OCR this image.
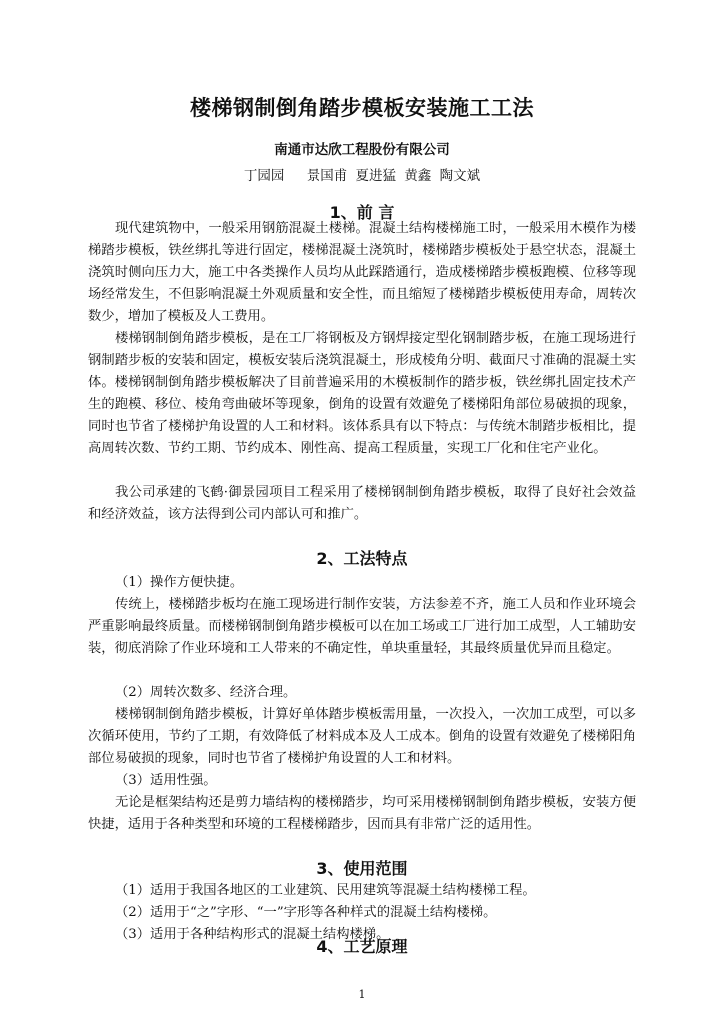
楼梯钢制倒角踏步模板安装施工工法
南通市达欣工程股份有限公司
丁园园 景国甫 夏进猛 黄鑫 陶文斌
1、前 言

现代建筑物中，一般采用钢筋混凝土楼梯。混凝土结构楼梯施工时，一般采用木模作为楼梯踏步模板，铁丝绑扎等进行固定，楼梯混凝土浇筑时，楼梯踏步模板处于悬空状态，混凝土浇筑时侧向压力大，施工中各类操作人员均从此踩踏通行，造成楼梯踏步模板跑模、位移等现场经常发生，不但影响混凝土外观质量和安全性，而且缩短了楼梯踏步模板使用寿命，周转次数少，增加了模板及人工费用。

楼梯钢制倒角踏步模板，是在工厂将钢板及方钢焊接定型化钢制踏步板，在施工现场进行钢制踏步板的安装和固定，模板安装后浇筑混凝土，形成棱角分明、截面尺寸准确的混凝土实体。楼梯钢制倒角踏步模板解决了目前普遍采用的木模板制作的踏步板，铁丝绑扎固定技术产生的跑模、移位、棱角弯曲破坏等现象，倒角的设置有效避免了楼梯阳角部位易破损的现象，同时也节省了楼梯护角设置的人工和材料。该体系具有以下特点：与传统木制踏步板相比，提高周转次数、节约工期、节约成本、刚性高、提高工程质量，实现工厂化和住宅产业化。

我公司承建的飞鹤·御景园项目工程采用了楼梯钢制倒角踏步模板，取得了良好社会效益和经济效益，该方法得到公司内部认可和推广。

2、工法特点

（1）操作方便快捷。

传统上，楼梯踏步板均在施工现场进行制作安装，方法参差不齐，施工人员和作业环境会严重影响最终质量。而楼梯钢制倒角踏步模板可以在加工场或工厂进行加工成型，人工辅助安装，彻底消除了作业环境和工人带来的不确定性，单块重量轻，其最终质量优异而且稳定。

（2）周转次数多、经济合理。

楼梯钢制倒角踏步模板，计算好单体踏步模板需用量，一次投入，一次加工成型，可以多次循环使用，节约了工期，有效降低了材料成本及人工成本。倒角的设置有效避免了楼梯阳角部位易破损的现象，同时也节省了楼梯护角设置的人工和材料。

（3）适用性强。

无论是框架结构还是剪力墙结构的楼梯踏步，均可采用楼梯钢制倒角踏步模板，安装方便快捷，适用于各种类型和环境的工程楼梯踏步，因而具有非常广泛的适用性。

3、使用范围
（1）适用于我国各地区的工业建筑、民用建筑等混凝土结构楼梯工程。
（2）适用于“之”字形、“一”字形等各种样式的混凝土结构楼梯。
（3）适用于各种结构形式的混凝土结构楼梯。
4、工艺原理
1
